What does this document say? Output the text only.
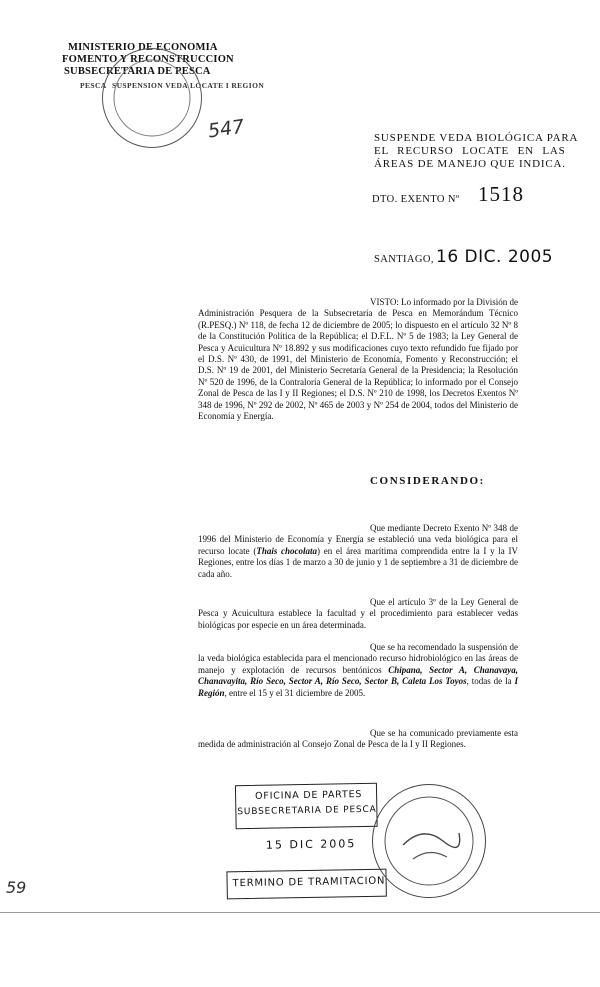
MINISTERIO DE ECONOMIA
FOMENTO Y RECONSTRUCCION
SUBSECRETARIA DE PESCA
PESCA SUSPENSION VEDA LOCATE I REGION
547	SUSPENDE VEDA BIOLÓGICA PARA
EL RECURSO LOCATE EN LAS
ÁREAS DE MANEJO QUE INDICA.
DTO. EXENTO Nº 1518
SANTIAGO, 16 DIC. 2005
VISTO: Lo informado por la División de Administración Pesquera de la Subsecretaría de Pesca en Memorándum Técnico (R.PESQ.) Nº 118, de fecha 12 de diciembre de 2005; lo dispuesto en el artículo 32 Nº 8 de la Constitución Política de la República; el D.F.L. Nº 5 de 1983; la Ley General de Pesca y Acuicultura Nº 18.892 y sus modificaciones cuyo texto refundido fue fijado por el D.S. Nº 430, de 1991, del Ministerio de Economía, Fomento y Reconstrucción; el D.S. Nº 19 de 2001, del Ministerio Secretaría General de la Presidencia; la Resolución Nº 520 de 1996, de la Contraloría General de la República; lo informado por el Consejo Zonal de Pesca de las I y II Regiones; el D.S. Nº 210 de 1998, los Decretos Exentos Nº 348 de 1996, Nº 292 de 2002, Nº 465 de 2003 y Nº 254 de 2004, todos del Ministerio de Economía y Energía.
CONSIDERANDO:
Que mediante Decreto Exento Nº 348 de 1996 del Ministerio de Economía y Energía se estableció una veda biológica para el recurso locate (Thais chocolata) en el área marítima comprendida entre la I y la IV Regiones, entre los días 1 de marzo a 30 de junio y 1 de septiembre a 31 de diciembre de cada año.
Que el artículo 3º de la Ley General de Pesca y Acuicultura establece la facultad y el procedimiento para establecer vedas biológicas por especie en un área determinada.
Que se ha recomendado la suspensión de la veda biológica establecida para el mencionado recurso hidrobiológico en las áreas de manejo y explotación de recursos bentónicos Chipana, Sector A, Chanavaya, Chanavayita, Río Seco, Sector A, Río Seco, Sector B, Caleta Los Toyos, todas de la I Región, entre el 15 y el 31 diciembre de 2005.
Que se ha comunicado previamente esta medida de administración al Consejo Zonal de Pesca de la I y II Regiones.
OFICINA DE PARTES
SUBSECRETARIA DE PESCA
15 DIC 2005
TERMINO DE TRAMITACION
59
